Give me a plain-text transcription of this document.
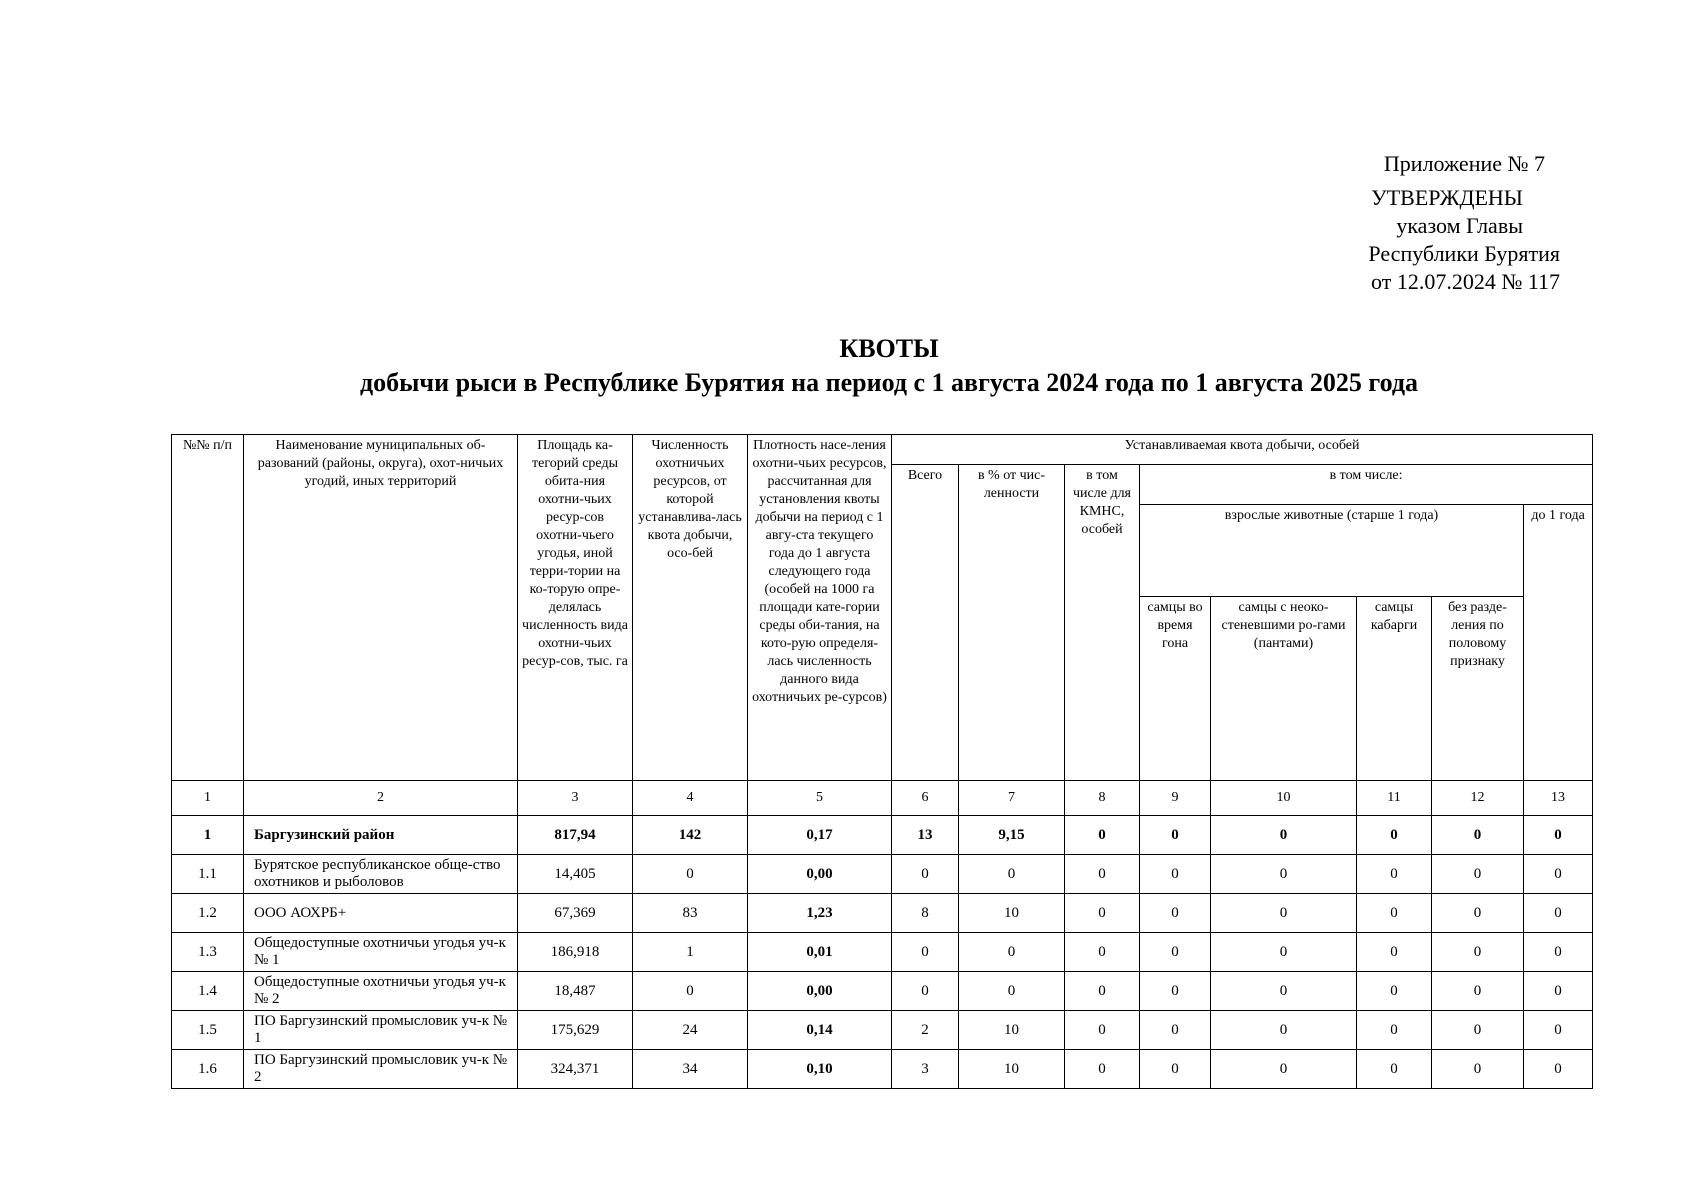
Приложение № 7
УТВЕРЖДЕНЫ
указом Главы
Республики Бурятия
от 12.07.2024 № 117
КВОТЫ
добычи рыси в Республике Бурятия на период с 1 августа 2024 года по 1 августа 2025 года
№№ п/п	Наименование муниципальных об-разований (районы, округа), охот-ничьих угодий, иных территорий	Площадь ка-тегорий среды обита-ния охотни-чьих ресур-сов охотни-чьего угодья, иной терри-тории на ко-торую опре-делялась численность вида охотни-чьих ресур-сов, тыс. га	Численность охотничьих ресурсов, от которой устанавлива-лась квота добычи, осо-бей	Плотность насе-ления охотни-чьих ресурсов, рассчитанная для установления квоты добычи на период с 1 авгу-ста текущего года до 1 августа следующего года (особей на 1000 га площади кате-гории среды оби-тания, на кото-рую определя-лась численность данного вида охотничьих ре-сурсов)	Устанавливаемая квота добычи, особей							
					Всего	в % от чис-ленности	в том числе для КМНС, особей	в том числе:				
								взрослые животные (старше 1 года)				до 1 года
								самцы во время гона	самцы с неоко-стеневшими ро-гами (пантами)	самцы кабарги	без разде-ления по половому признаку	
1	2	3	4	5	6	7	8	9	10	11	12	13
1	Баргузинский район	817,94	142	0,17	13	9,15	0	0	0	0	0	0
1.1	Бурятское республиканское обще-ство охотников и рыболовов	14,405	0	0,00	0	0	0	0	0	0	0	0
1.2	ООО АОХРБ+	67,369	83	1,23	8	10	0	0	0	0	0	0
1.3	Общедоступные охотничьи угодья уч-к № 1	186,918	1	0,01	0	0	0	0	0	0	0	0
1.4	Общедоступные охотничьи угодья уч-к № 2	18,487	0	0,00	0	0	0	0	0	0	0	0
1.5	ПО Баргузинский промысловик уч-к № 1	175,629	24	0,14	2	10	0	0	0	0	0	0
1.6	ПО Баргузинский промысловик уч-к № 2	324,371	34	0,10	3	10	0	0	0	0	0	0
